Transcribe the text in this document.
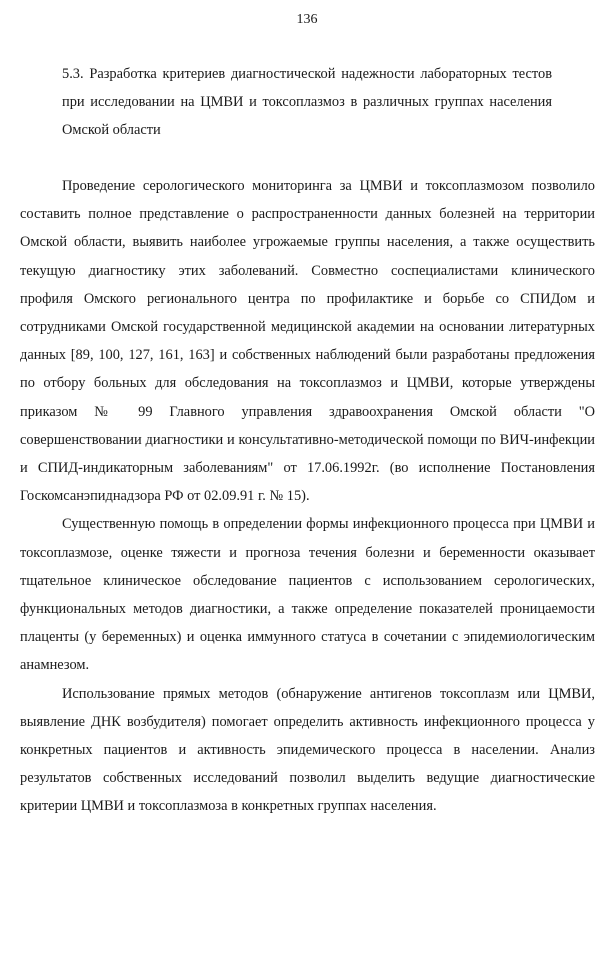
136

5.3. Разработка критериев диагностической надежности лабораторных тестов при исследовании на ЦМВИ и токсоплазмоз в различных группах населения Омской области

Проведение серологического мониторинга за ЦМВИ и токсоплазмозом позволило составить полное представление о распространенности данных болезней на территории Омской области, выявить наиболее угрожаемые группы населения, а также осуществить текущую диагностику этих заболеваний. Совместно соспециалистами клинического профиля Омского регионального центра по профилактике и борьбе со СПИДом и сотрудниками Омской государственной медицинской академии на основании литературных данных [89, 100, 127, 161, 163] и собственных наблюдений были разработаны предложения по отбору больных для обследования на токсоплазмоз и ЦМВИ, которые утверждены приказом № 99 Главного управления здравоохранения Омской области "О совершенствовании диагностики и консультативно-методической помощи по ВИЧ-инфекции и СПИД-индикаторным заболеваниям" от 17.06.1992г. (во исполнение Постановления Госкомсанэпиднадзора РФ от 02.09.91 г. № 15).

Существенную помощь в определении формы инфекционного процесса при ЦМВИ и токсоплазмозе, оценке тяжести и прогноза течения болезни и беременности оказывает тщательное клиническое обследование пациентов с использованием серологических, функциональных методов диагностики, а также определение показателей проницаемости плаценты (у беременных) и оценка иммунного статуса в сочетании с эпидемиологическим анамнезом.

Использование прямых методов (обнаружение антигенов токсоплазм или ЦМВИ, выявление ДНК возбудителя) помогает определить активность инфекционного процесса у конкретных пациентов и активность эпидемического процесса в населении. Анализ результатов собственных исследований позволил выделить ведущие диагностические критерии ЦМВИ и токсоплазмоза в конкретных группах населения.
